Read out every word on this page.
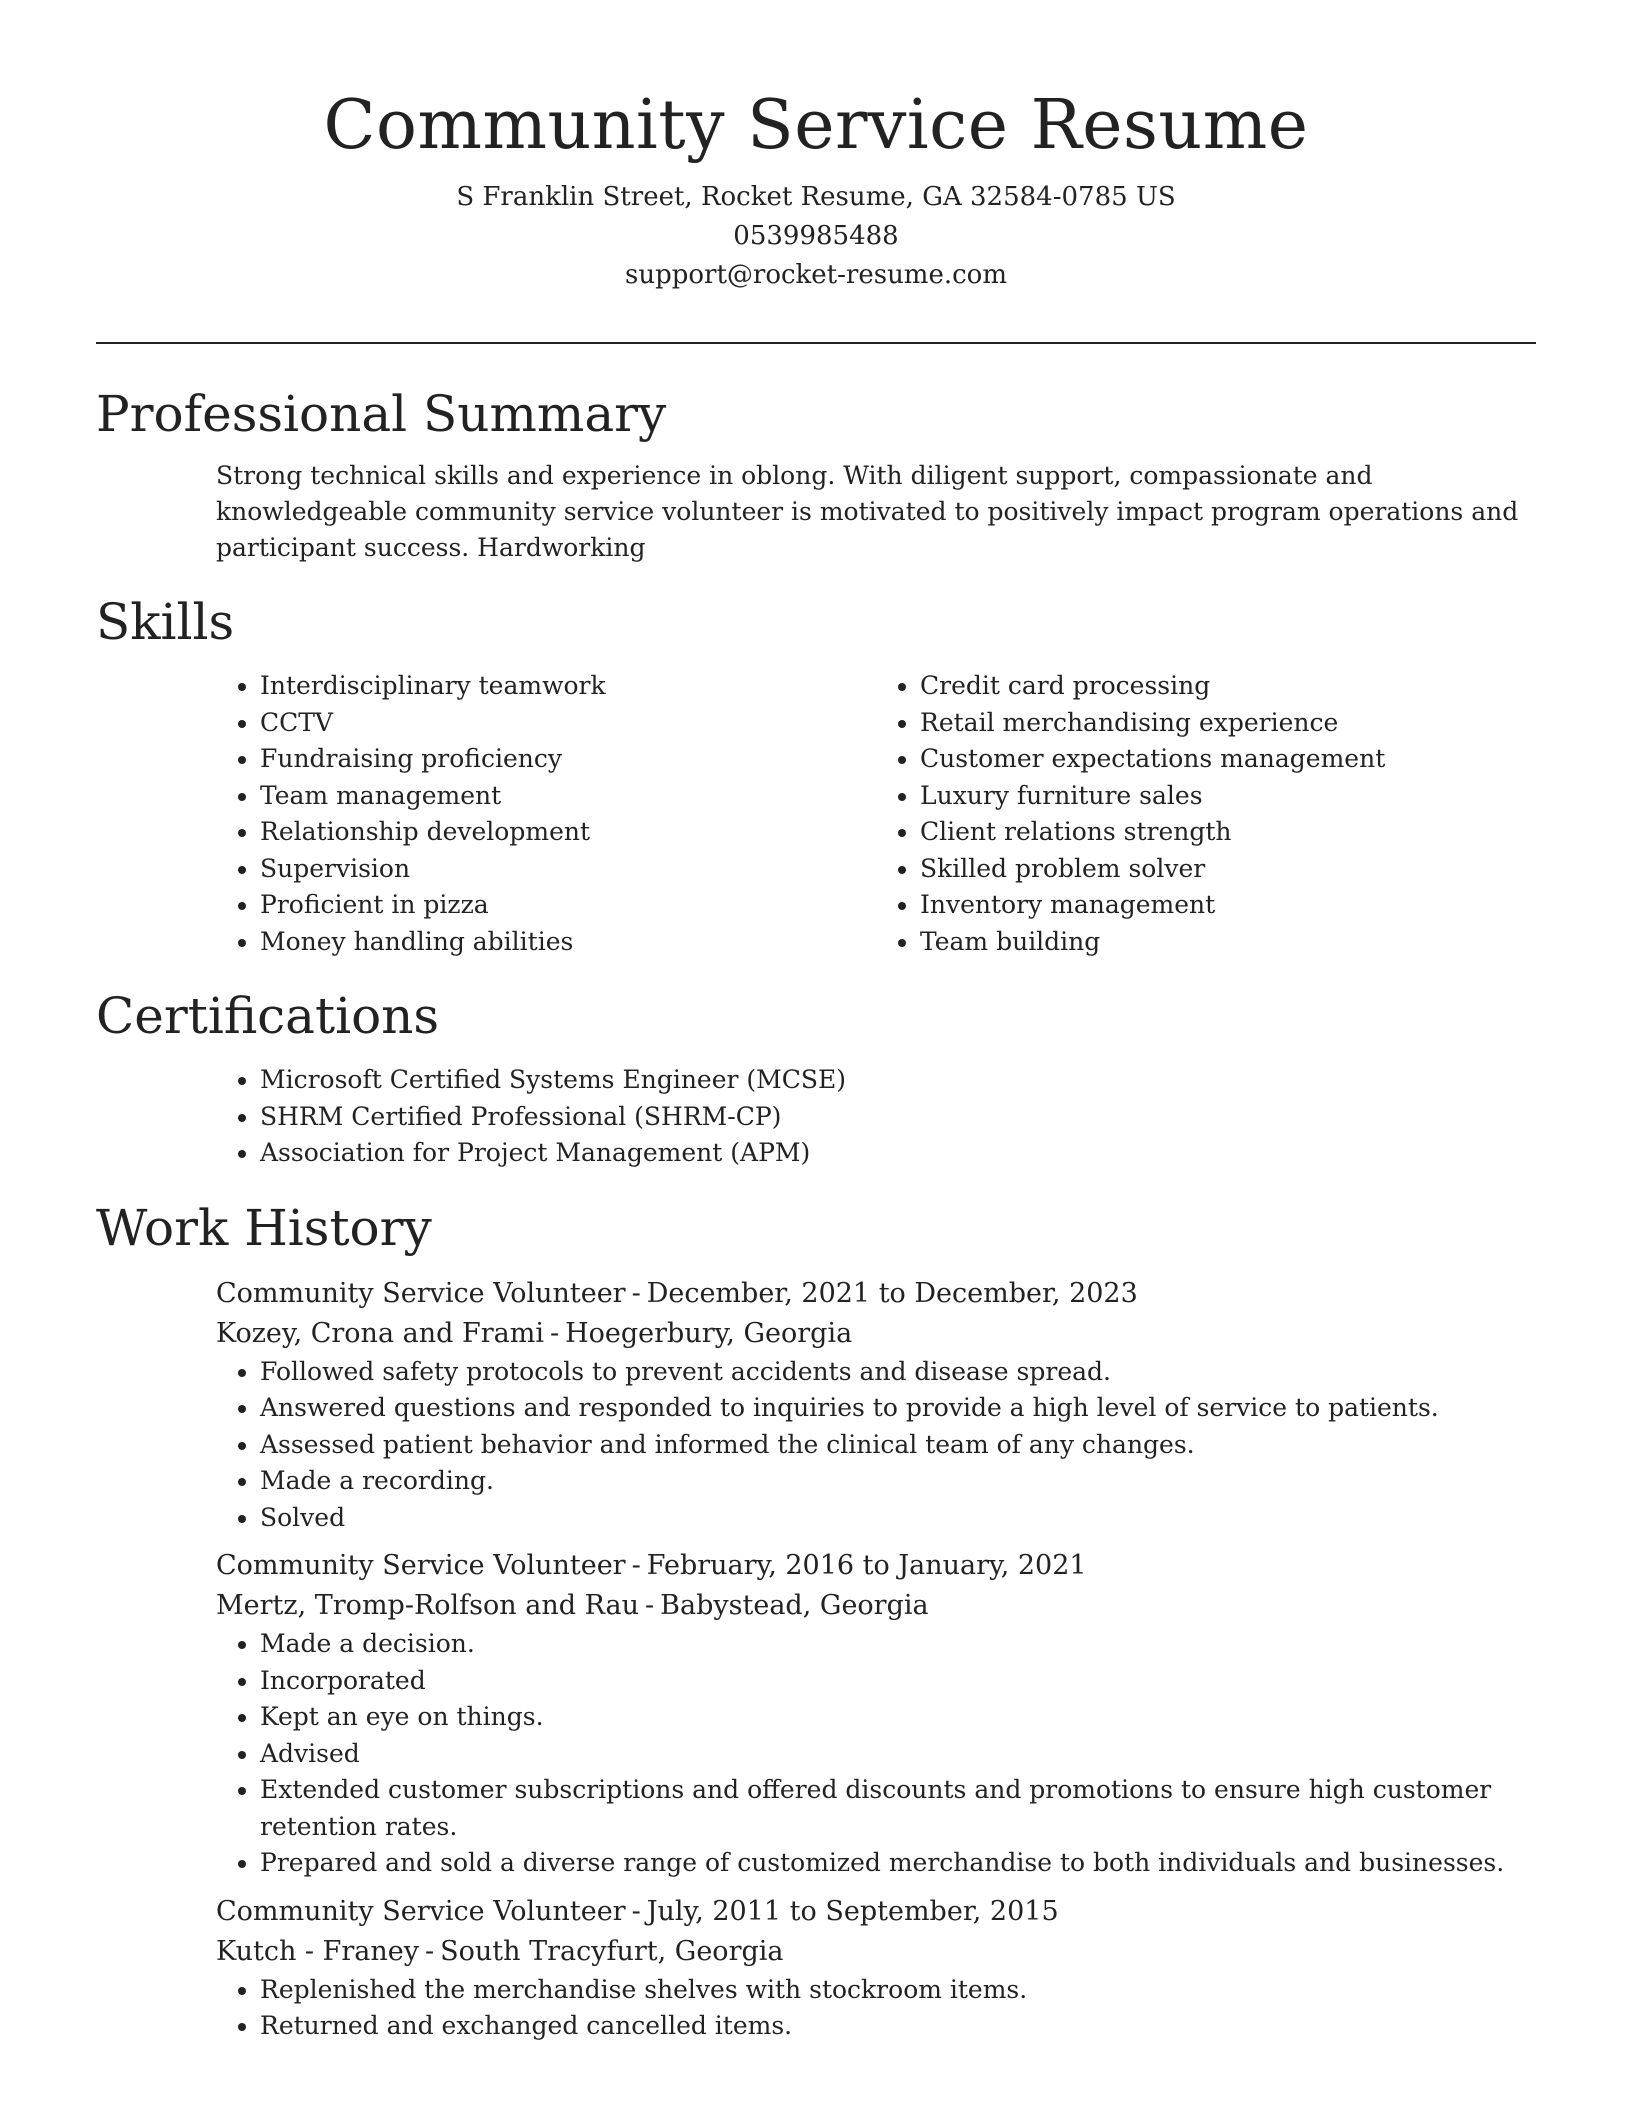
Community Service Resume
S Franklin Street, Rocket Resume, GA 32584-0785 US
0539985488
support@rocket-resume.com
Professional Summary

Strong technical skills and experience in oblong. With diligent support, compassionate and knowledgeable community service volunteer is motivated to positively impact program operations and participant success. Hardworking

Skills
• Interdisciplinary teamwork
• CCTV
• Fundraising proficiency
• Team management
• Relationship development
• Supervision
• Proficient in pizza
• Money handling abilities
• Credit card processing
• Retail merchandising experience
• Customer expectations management
• Luxury furniture sales
• Client relations strength
• Skilled problem solver
• Inventory management
• Team building
Certifications
• Microsoft Certified Systems Engineer (MCSE)
• SHRM Certified Professional (SHRM-CP)
• Association for Project Management (APM)
Work History
Community Service Volunteer - December, 2021 to December, 2023
Kozey, Crona and Frami - Hoegerbury, Georgia
• Followed safety protocols to prevent accidents and disease spread.
• Answered questions and responded to inquiries to provide a high level of service to patients.
• Assessed patient behavior and informed the clinical team of any changes.
• Made a recording.
• Solved
Community Service Volunteer - February, 2016 to January, 2021
Mertz, Tromp-Rolfson and Rau - Babystead, Georgia
• Made a decision.
• Incorporated
• Kept an eye on things.
• Advised
• Extended customer subscriptions and offered discounts and promotions to ensure high customer retention rates.
• Prepared and sold a diverse range of customized merchandise to both individuals and businesses.
Community Service Volunteer - July, 2011 to September, 2015
Kutch - Franey - South Tracyfurt, Georgia
• Replenished the merchandise shelves with stockroom items.
• Returned and exchanged cancelled items.
